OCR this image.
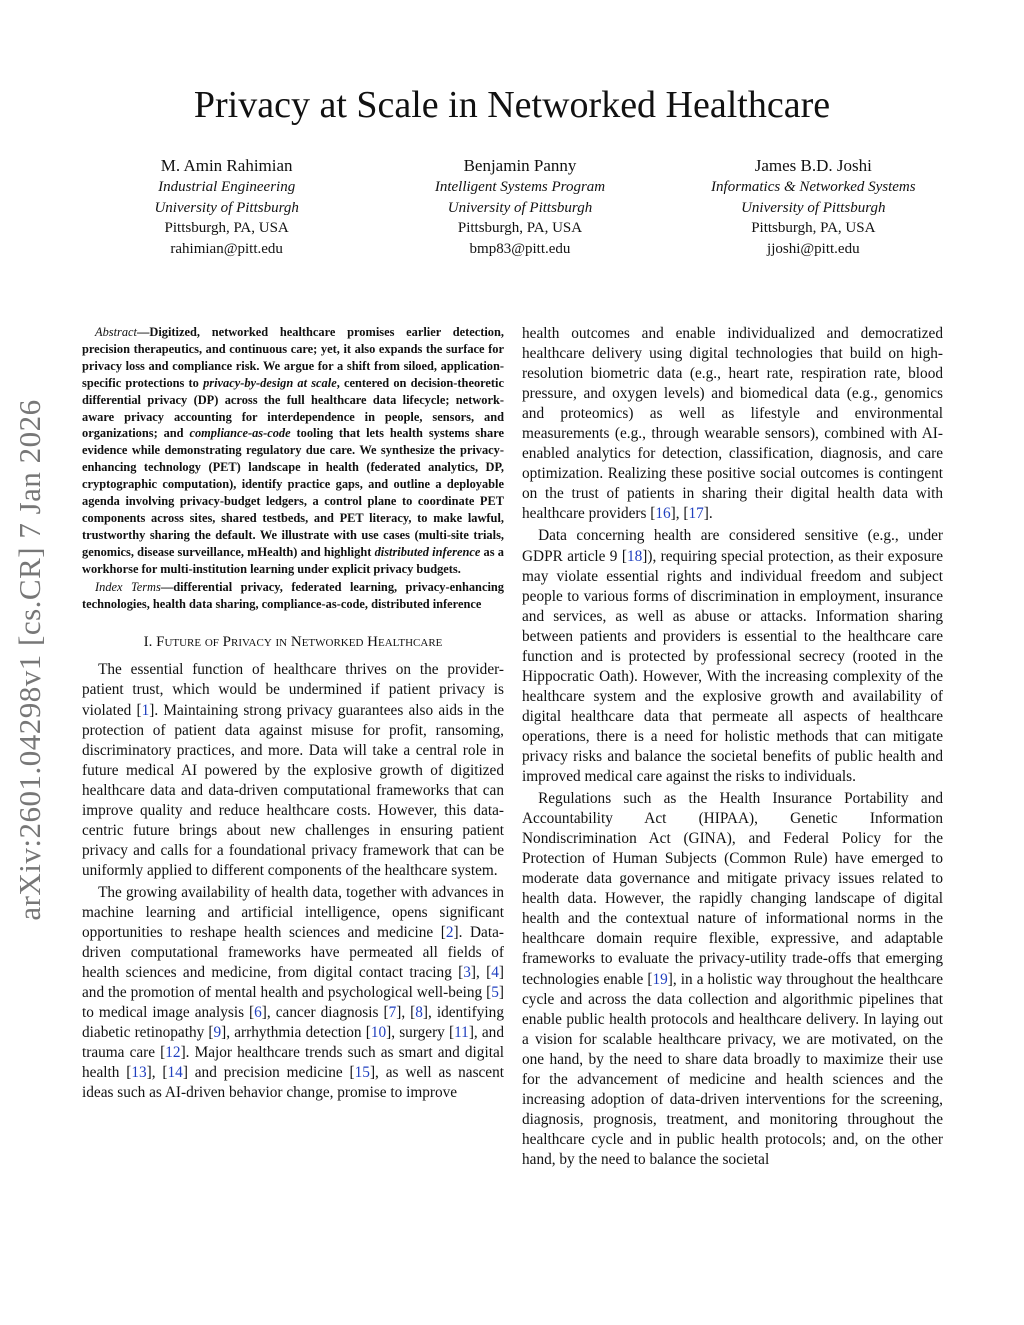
arXiv:2601.04298v1 [cs.CR] 7 Jan 2026
Privacy at Scale in Networked Healthcare
M. Amin Rahimian
Industrial Engineering
University of Pittsburgh
Pittsburgh, PA, USA
rahimian@pitt.edu
Benjamin Panny
Intelligent Systems Program
University of Pittsburgh
Pittsburgh, PA, USA
bmp83@pitt.edu
James B.D. Joshi
Informatics & Networked Systems
University of Pittsburgh
Pittsburgh, PA, USA
jjoshi@pitt.edu

Abstract—Digitized, networked healthcare promises earlier detection, precision therapeutics, and continuous care; yet, it also expands the surface for privacy loss and compliance risk. We argue for a shift from siloed, application-specific protections to privacy-by-design at scale, centered on decision-theoretic differential privacy (DP) across the full healthcare data lifecycle; network-aware privacy accounting for interdependence in people, sensors, and organizations; and compliance-as-code tooling that lets health systems share evidence while demonstrating regulatory due care. We synthesize the privacy-enhancing technology (PET) landscape in health (federated analytics, DP, cryptographic computation), identify practice gaps, and outline a deployable agenda involving privacy-budget ledgers, a control plane to coordinate PET components across sites, shared testbeds, and PET literacy, to make lawful, trustworthy sharing the default. We illustrate with use cases (multi-site trials, genomics, disease surveillance, mHealth) and highlight distributed inference as a workhorse for multi-institution learning under explicit privacy budgets.

Index Terms—differential privacy, federated learning, privacy-enhancing technologies, health data sharing, compliance-as-code, distributed inference

I. Future of Privacy in Networked Healthcare

The essential function of healthcare thrives on the provider-patient trust, which would be undermined if patient privacy is violated [1]. Maintaining strong privacy guarantees also aids in the protection of patient data against misuse for profit, ransoming, discriminatory practices, and more. Data will take a central role in future medical AI powered by the explosive growth of digitized healthcare data and data-driven computational frameworks that can improve quality and reduce healthcare costs. However, this data-centric future brings about new challenges in ensuring patient privacy and calls for a foundational privacy framework that can be uniformly applied to different components of the healthcare system.

The growing availability of health data, together with advances in machine learning and artificial intelligence, opens significant opportunities to reshape health sciences and medicine [2]. Data-driven computational frameworks have permeated all fields of health sciences and medicine, from digital contact tracing [3], [4] and the promotion of mental health and psychological well-being [5] to medical image analysis [6], cancer diagnosis [7], [8], identifying diabetic retinopathy [9], arrhythmia detection [10], surgery [11], and trauma care [12]. Major healthcare trends such as smart and digital health [13], [14] and precision medicine [15], as well as nascent ideas such as AI-driven behavior change, promise to improve

health outcomes and enable individualized and democratized healthcare delivery using digital technologies that build on high-resolution biometric data (e.g., heart rate, respiration rate, blood pressure, and oxygen levels) and biomedical data (e.g., genomics and proteomics) as well as lifestyle and environmental measurements (e.g., through wearable sensors), combined with AI-enabled analytics for detection, classification, diagnosis, and care optimization. Realizing these positive social outcomes is contingent on the trust of patients in sharing their digital health data with healthcare providers [16], [17].

Data concerning health are considered sensitive (e.g., under GDPR article 9 [18]), requiring special protection, as their exposure may violate essential rights and individual freedom and subject people to various forms of discrimination in employment, insurance and services, as well as abuse or attacks. Information sharing between patients and providers is essential to the healthcare care function and is protected by professional secrecy (rooted in the Hippocratic Oath). However, With the increasing complexity of the healthcare system and the explosive growth and availability of digital healthcare data that permeate all aspects of healthcare operations, there is a need for holistic methods that can mitigate privacy risks and balance the societal benefits of public health and improved medical care against the risks to individuals.

Regulations such as the Health Insurance Portability and Accountability Act (HIPAA), Genetic Information Nondiscrimination Act (GINA), and Federal Policy for the Protection of Human Subjects (Common Rule) have emerged to moderate data governance and mitigate privacy issues related to health data. However, the rapidly changing landscape of digital health and the contextual nature of informational norms in the healthcare domain require flexible, expressive, and adaptable frameworks to evaluate the privacy-utility trade-offs that emerging technologies enable [19], in a holistic way throughout the healthcare cycle and across the data collection and algorithmic pipelines that enable public health protocols and healthcare delivery. In laying out a vision for scalable healthcare privacy, we are motivated, on the one hand, by the need to share data broadly to maximize their use for the advancement of medicine and health sciences and the increasing adoption of data-driven interventions for the screening, diagnosis, prognosis, treatment, and monitoring throughout the healthcare cycle and in public health protocols; and, on the other hand, by the need to balance the societal
